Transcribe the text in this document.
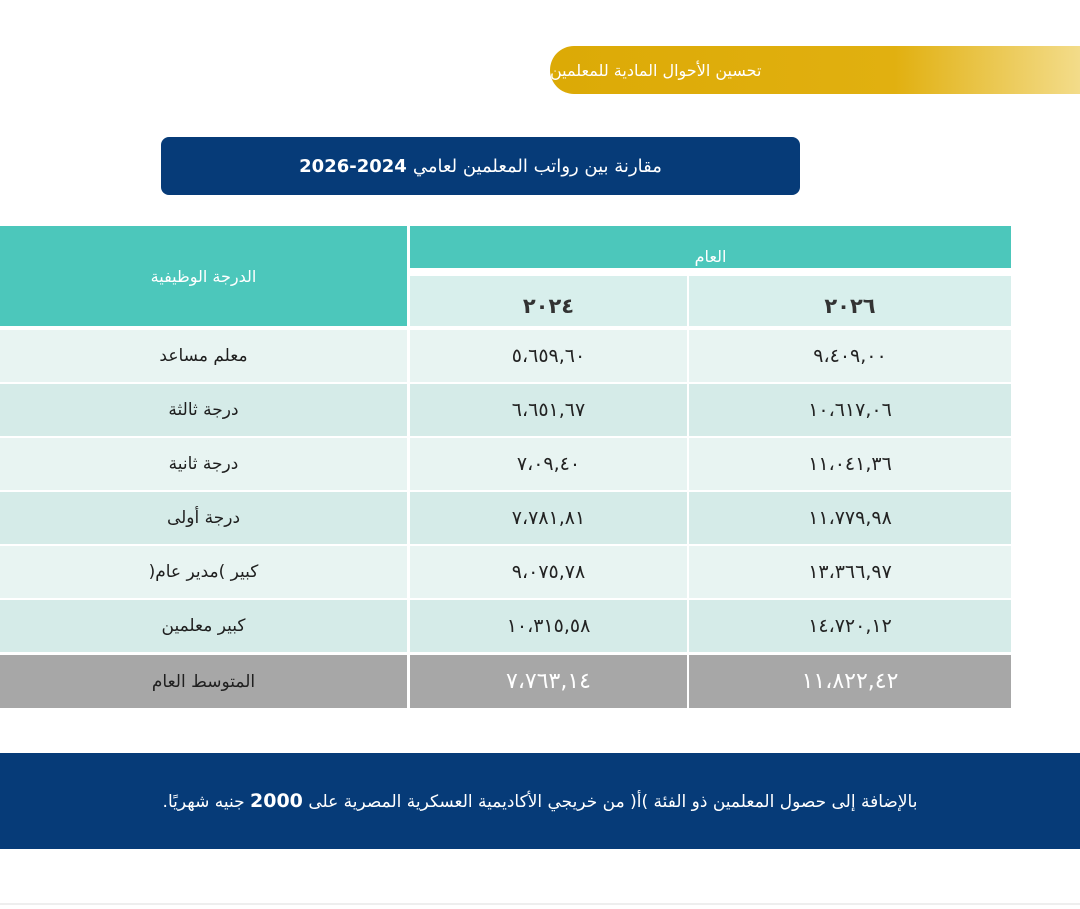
تحسين الأحوال المادية للمعلمين
مقارنة بين رواتب المعلمين لعامي
2026-2024
الدرجة الوظيفية
العام
٢٠٢٤	٢٠٢٦
معلم مساعد	٥،٦٥٩,٦٠	٩،٤٠٩,٠٠
درجة ثالثة	٦،٦٥١,٦٧	١٠،٦١٧,٠٦
درجة ثانية	٧،٠٩,٤٠	١١،٠٤١,٣٦
درجة أولى	٧،٧٨١,٨١	١١،٧٧٩,٩٨
كبير )مدير عام(	٩،٠٧٥,٧٨	١٣،٣٦٦,٩٧
كبير معلمين	١٠،٣١٥,٥٨	١٤،٧٢٠,١٢
المتوسط العام	٧،٧٦٣,١٤	١١،٨٢٢,٤٢
بالإضافة إلى حصول المعلمين ذو الفئة )أ( من خريجي الأكاديمية العسكرية المصرية على 2000 جنيه شهريًا.
